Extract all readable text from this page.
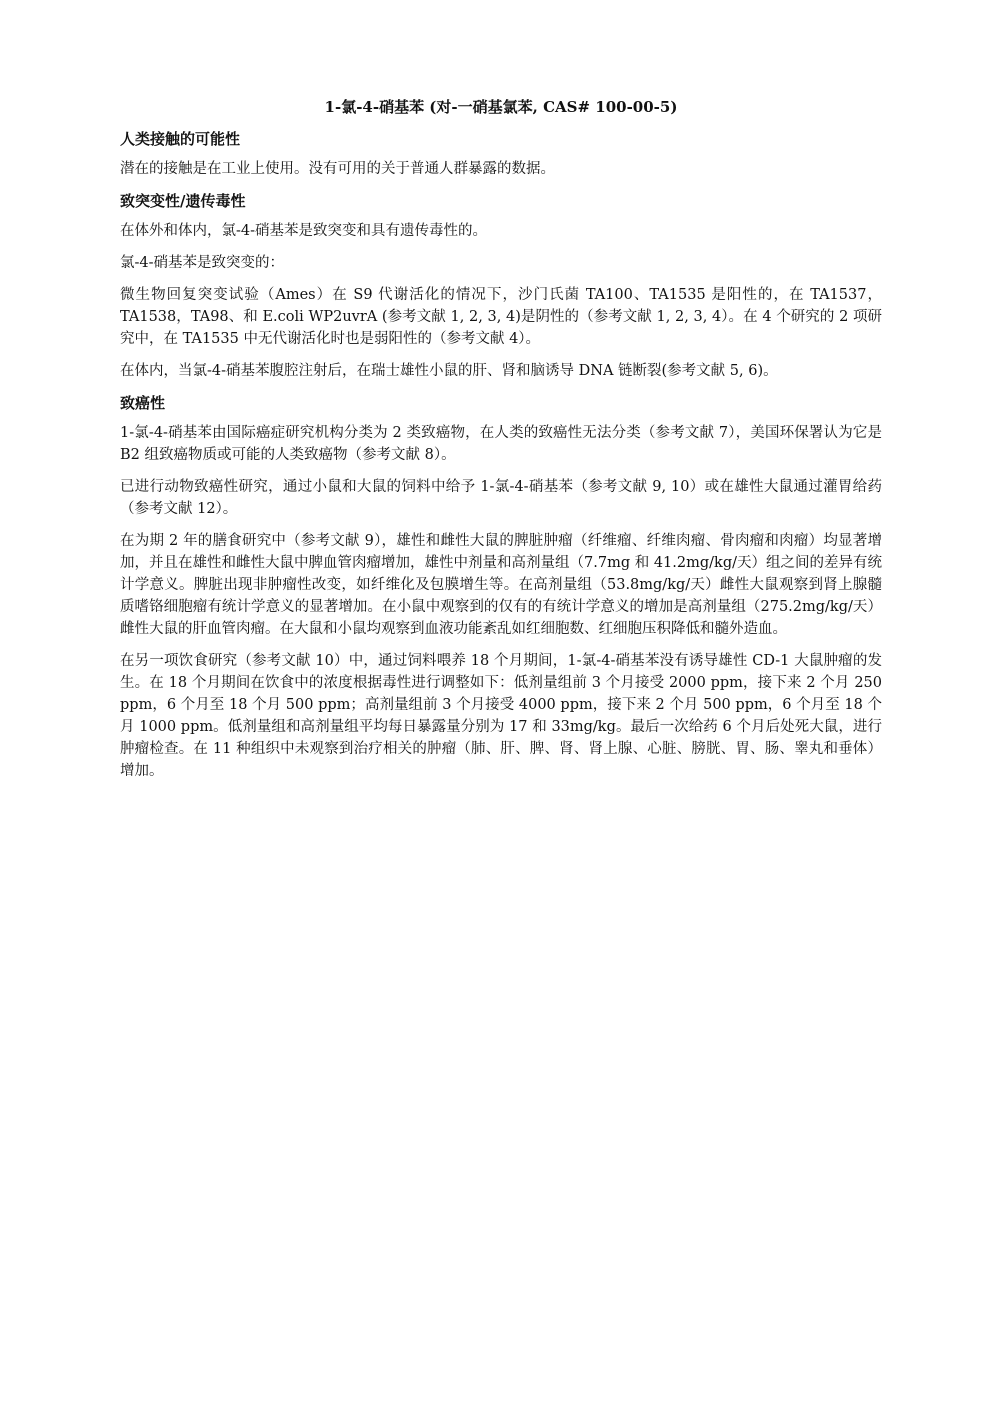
1-氯-4-硝基苯 (对-一硝基氯苯, CAS# 100-00-5)
人类接触的可能性

潜在的接触是在工业上使用。没有可用的关于普通人群暴露的数据。

致突变性/遗传毒性

在体外和体内，氯-4-硝基苯是致突变和具有遗传毒性的。

氯-4-硝基苯是致突变的：

微生物回复突变试验（Ames）在 S9 代谢活化的情况下，沙门氏菌 TA100、TA1535 是阳性的，在 TA1537，TA1538，TA98、和 E.coli WP2uvrA (参考文献 1, 2, 3, 4)是阴性的（参考文献 1, 2, 3, 4）。在 4 个研究的 2 项研究中，在 TA1535 中无代谢活化时也是弱阳性的（参考文献 4）。

在体内，当氯-4-硝基苯腹腔注射后，在瑞士雄性小鼠的肝、肾和脑诱导 DNA 链断裂(参考文献 5, 6)。

致癌性

1-氯-4-硝基苯由国际癌症研究机构分类为 2 类致癌物，在人类的致癌性无法分类（参考文献 7），美国环保署认为它是 B2 组致癌物质或可能的人类致癌物（参考文献 8）。

已进行动物致癌性研究，通过小鼠和大鼠的饲料中给予 1-氯-4-硝基苯（参考文献 9, 10）或在雄性大鼠通过灌胃给药（参考文献 12）。

在为期 2 年的膳食研究中（参考文献 9），雄性和雌性大鼠的脾脏肿瘤（纤维瘤、纤维肉瘤、骨肉瘤和肉瘤）均显著增加，并且在雄性和雌性大鼠中脾血管肉瘤增加，雄性中剂量和高剂量组（7.7mg 和 41.2mg/kg/天）组之间的差异有统计学意义。脾脏出现非肿瘤性改变，如纤维化及包膜增生等。在高剂量组（53.8mg/kg/天）雌性大鼠观察到肾上腺髓质嗜铬细胞瘤有统计学意义的显著增加。在小鼠中观察到的仅有的有统计学意义的增加是高剂量组（275.2mg/kg/天）雌性大鼠的肝血管肉瘤。在大鼠和小鼠均观察到血液功能紊乱如红细胞数、红细胞压积降低和髓外造血。

在另一项饮食研究（参考文献 10）中，通过饲料喂养 18 个月期间，1-氯-4-硝基苯没有诱导雄性 CD-1 大鼠肿瘤的发生。在 18 个月期间在饮食中的浓度根据毒性进行调整如下：低剂量组前 3 个月接受 2000 ppm，接下来 2 个月 250 ppm，6 个月至 18 个月 500 ppm；高剂量组前 3 个月接受 4000 ppm，接下来 2 个月 500 ppm，6 个月至 18 个月 1000 ppm。低剂量组和高剂量组平均每日暴露量分别为 17 和 33mg/kg。最后一次给药 6 个月后处死大鼠，进行肿瘤检查。在 11 种组织中未观察到治疗相关的肿瘤（肺、肝、脾、肾、肾上腺、心脏、膀胱、胃、肠、睾丸和垂体）增加。
